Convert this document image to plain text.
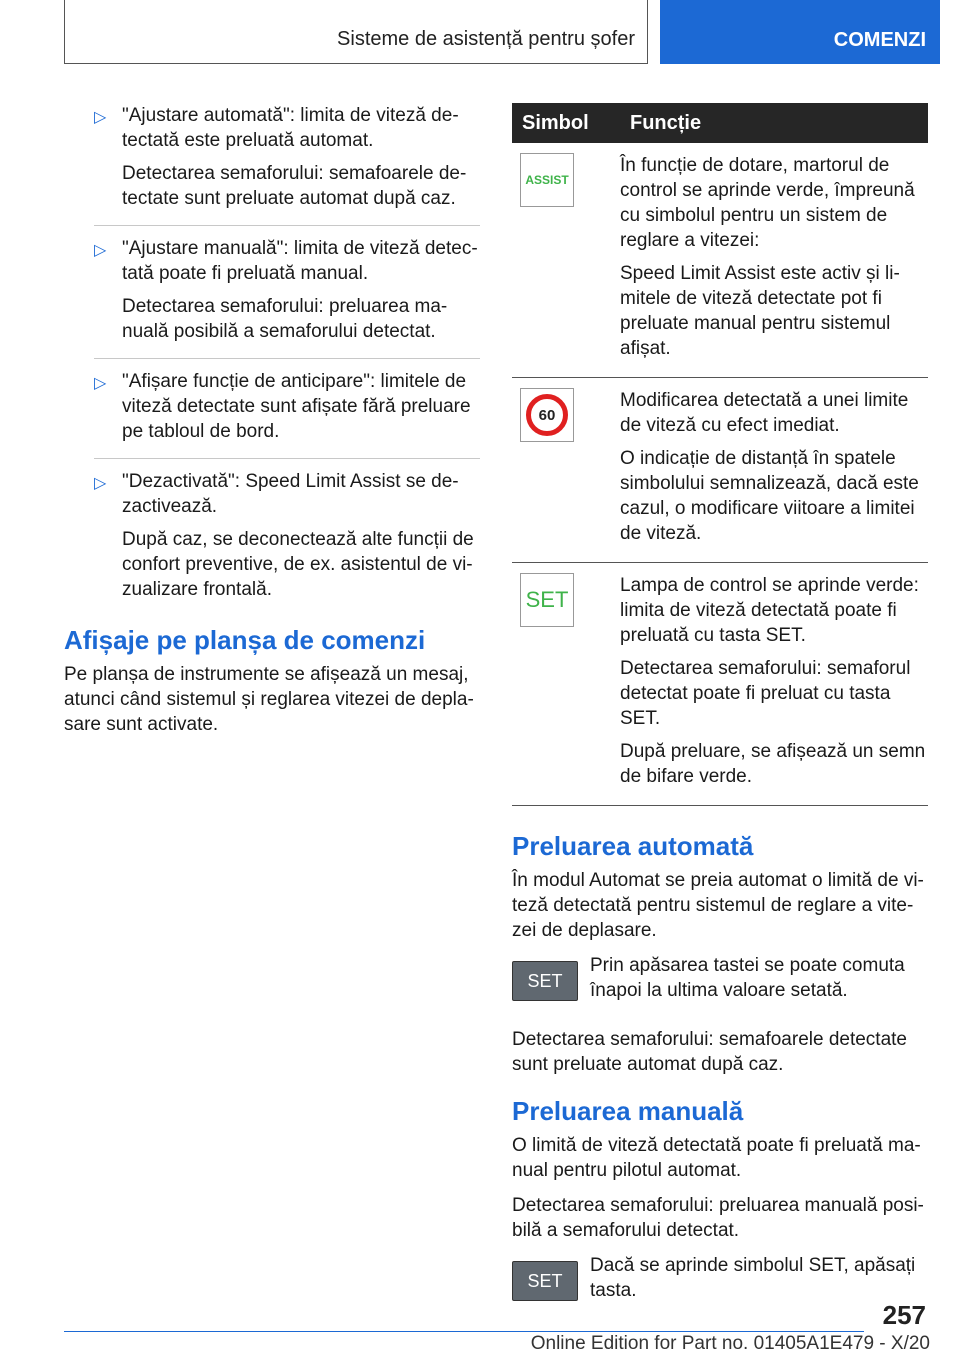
Sisteme de asistență pentru șofer	COMENZI
▷ "Ajustare automată": limita de viteză de-tectată este preluată automat.

Detectarea semaforului: semafoarele de-tectate sunt preluate automat după caz.

▷ "Ajustare manuală": limita de viteză detec-tată poate fi preluată manual.

Detectarea semaforului: preluarea ma-nuală posibilă a semaforului detectat.

▷ "Afișare funcție de anticipare": limitele de viteză detectate sunt afișate fără preluare pe tabloul de bord.

▷ "Dezactivată": Speed Limit Assist se de-zactivează.

După caz, se deconectează alte funcții de confort preventive, de ex. asistentul de vi-zualizare frontală.

Afișaje pe planșa de comenzi

Pe planșa de instrumente se afișează un mesaj, atunci când sistemul și reglarea vitezei de depla-sare sunt activate.

Simbol	Funcție

ASSIST	În funcție de dotare, martorul de control se aprinde verde, împreună cu simbolul pentru un sistem de reglare a vitezei:

Speed Limit Assist este activ și li-mitele de viteză detectate pot fi preluate manual pentru sistemul afișat.

60	Modificarea detectată a unei limite de viteză cu efect imediat.

O indicație de distanță în spatele simbolului semnalizează, dacă este cazul, o modificare viitoare a limitei de viteză.

SET	Lampa de control se aprinde verde: limita de viteză detectată poate fi preluată cu tasta SET.

Detectarea semaforului: semaforul detectat poate fi preluat cu tasta SET.

După preluare, se afișează un semn de bifare verde.

Preluarea automată

În modul Automat se preia automat o limită de vi-teză detectată pentru sistemul de reglare a vite-zei de deplasare.

SET

Prin apăsarea tastei se poate comuta înapoi la ultima valoare setată.

Detectarea semaforului: semafoarele detectate sunt preluate automat după caz.

Preluarea manuală

O limită de viteză detectată poate fi preluată ma-nual pentru pilotul automat.

Detectarea semaforului: preluarea manuală posi-bilă a semaforului detectat.

SET

Dacă se aprinde simbolul SET, apăsați tasta.

257
Online Edition for Part no. 01405A1E479 - X/20
